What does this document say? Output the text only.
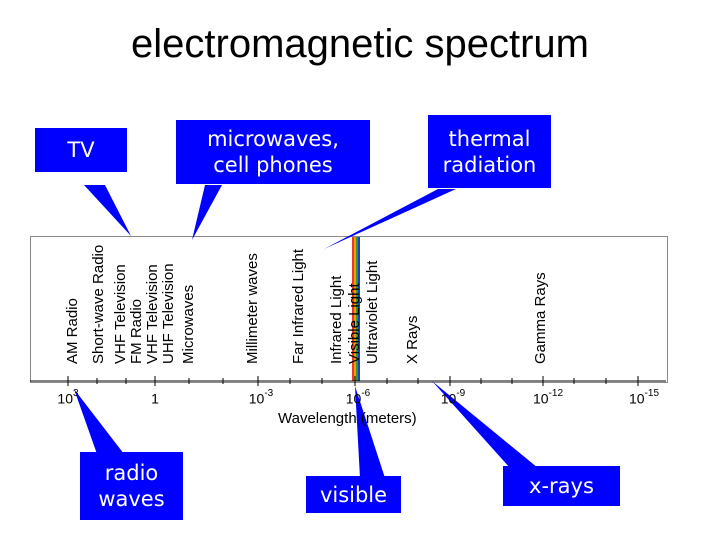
electromagnetic spectrum
AM Radio Short-wave Radio VHF Television FM Radio VHF Television UHF Television Microwaves	Millimeter waves Far Infrared Light Infrared Light Visible Light Ultraviolet Light X Rays	Gamma Rays
$10^3$	1	$10^{-3}$	$10^{-6}$	$10^{-9}$	$10^{-12}$	$10^{-15}$
Wavelength (meters)
TV	microwaves,
cell phones
thermal
radiation
radio
waves	visible	x-rays
